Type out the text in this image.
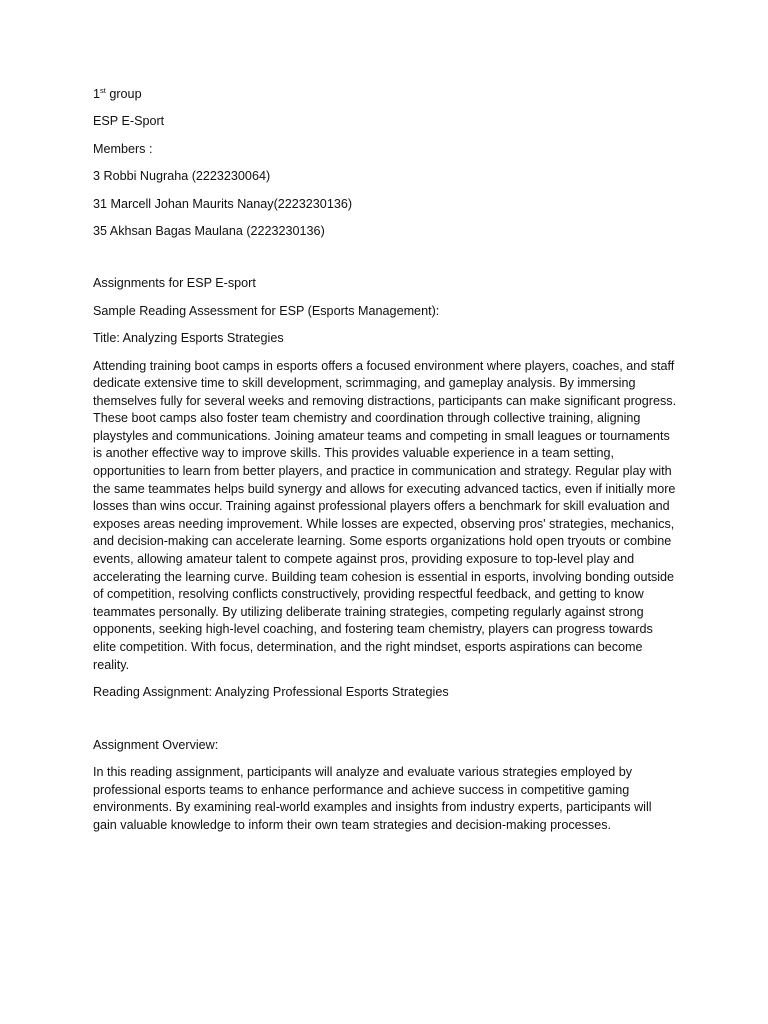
1st group
ESP E-Sport
Members :
3 Robbi Nugraha (2223230064)
31 Marcell Johan Maurits Nanay(2223230136)
35 Akhsan Bagas Maulana (2223230136)
Assignments for ESP E-sport
Sample Reading Assessment for ESP (Esports Management):
Title: Analyzing Esports Strategies
Attending training boot camps in esports offers a focused environment where players, coaches, and staff dedicate extensive time to skill development, scrimmaging, and gameplay analysis. By immersing themselves fully for several weeks and removing distractions, participants can make significant progress. These boot camps also foster team chemistry and coordination through collective training, aligning playstyles and communications. Joining amateur teams and competing in small leagues or tournaments is another effective way to improve skills. This provides valuable experience in a team setting, opportunities to learn from better players, and practice in communication and strategy. Regular play with the same teammates helps build synergy and allows for executing advanced tactics, even if initially more losses than wins occur. Training against professional players offers a benchmark for skill evaluation and exposes areas needing improvement. While losses are expected, observing pros' strategies, mechanics, and decision-making can accelerate learning. Some esports organizations hold open tryouts or combine events, allowing amateur talent to compete against pros, providing exposure to top-level play and accelerating the learning curve. Building team cohesion is essential in esports, involving bonding outside of competition, resolving conflicts constructively, providing respectful feedback, and getting to know teammates personally. By utilizing deliberate training strategies, competing regularly against strong opponents, seeking high-level coaching, and fostering team chemistry, players can progress towards elite competition. With focus, determination, and the right mindset, esports aspirations can become reality.
Reading Assignment: Analyzing Professional Esports Strategies
Assignment Overview:
In this reading assignment, participants will analyze and evaluate various strategies employed by professional esports teams to enhance performance and achieve success in competitive gaming environments. By examining real-world examples and insights from industry experts, participants will gain valuable knowledge to inform their own team strategies and decision-making processes.
